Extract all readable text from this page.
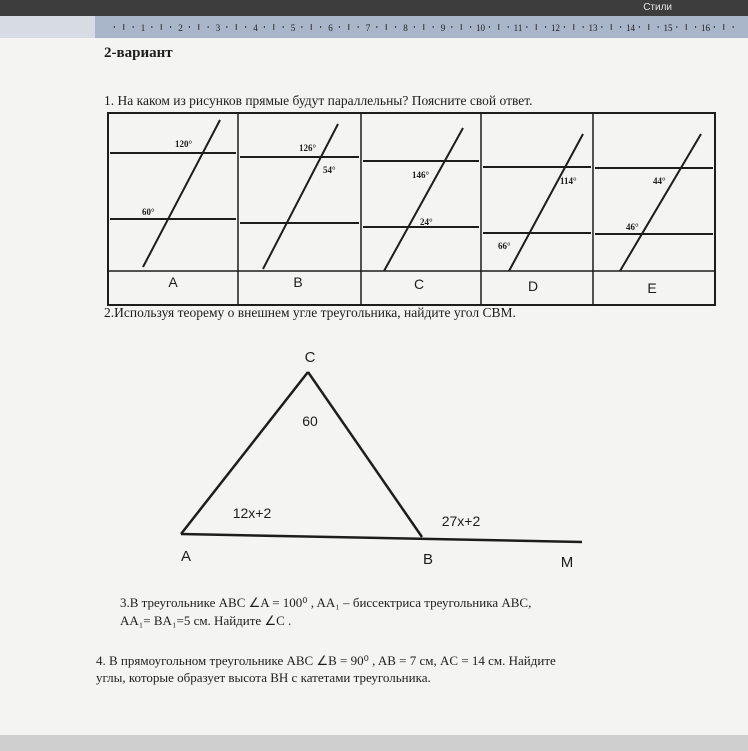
Стили
1	2	3	4	5	6	7	8	9	10	11	12	13	14	15	16
2-вариант
1. На каком из рисунков прямые будут параллельны? Поясните свой ответ.
120°
60°
A
126°
54°
B
146°
24°
C
114°
66°
D
44°
46°
E
2.Используя теорему о внешнем угле треугольника, найдите угол CBM.
C
A	B	M
60
12x+2	27x+2
3.В треугольнике ABC ∠A = 100⁰ , AA₁ – биссектриса треугольника ABC,
AA₁= BA₁=5 см. Найдите ∠C .
4. В прямоугольном треугольнике ABC ∠B = 90⁰ , AB = 7 см, AC = 14 см. Найдите
углы, которые образует высота BH с катетами треугольника.
